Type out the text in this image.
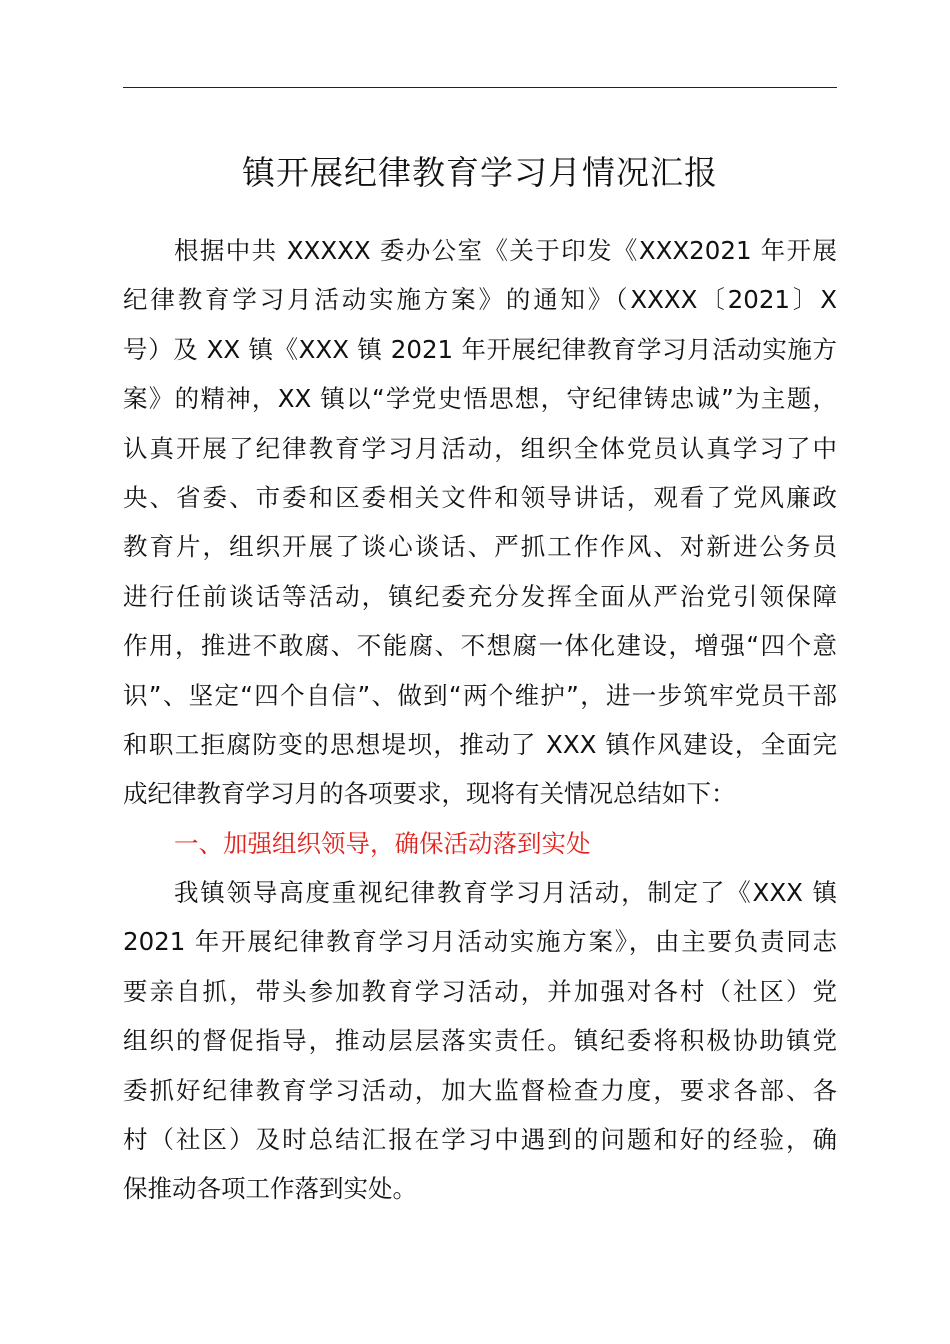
镇开展纪律教育学习月情况汇报
根据中共 XXXXX 委办公室《关于印发《XXX2021 年开展
纪律教育学习月活动实施方案》的通知》（XXXX〔2021〕X
号）及 XX 镇《XXX 镇 2021 年开展纪律教育学习月活动实施方
案》的精神，XX 镇以“学党史悟思想，守纪律铸忠诚”为主题，
认真开展了纪律教育学习月活动，组织全体党员认真学习了中
央、省委、市委和区委相关文件和领导讲话，观看了党风廉政
教育片，组织开展了谈心谈话、严抓工作作风、对新进公务员
进行任前谈话等活动，镇纪委充分发挥全面从严治党引领保障
作用，推进不敢腐、不能腐、不想腐一体化建设，增强“四个意
识”、坚定“四个自信”、做到“两个维护”，进一步筑牢党员干部
和职工拒腐防变的思想堤坝，推动了 XXX 镇作风建设，全面完
成纪律教育学习月的各项要求，现将有关情况总结如下：
一、加强组织领导，确保活动落到实处
我镇领导高度重视纪律教育学习月活动，制定了《XXX 镇
2021 年开展纪律教育学习月活动实施方案》，由主要负责同志
要亲自抓，带头参加教育学习活动，并加强对各村（社区）党
组织的督促指导，推动层层落实责任。镇纪委将积极协助镇党
委抓好纪律教育学习活动，加大监督检查力度，要求各部、各
村（社区）及时总结汇报在学习中遇到的问题和好的经验，确
保推动各项工作落到实处。
